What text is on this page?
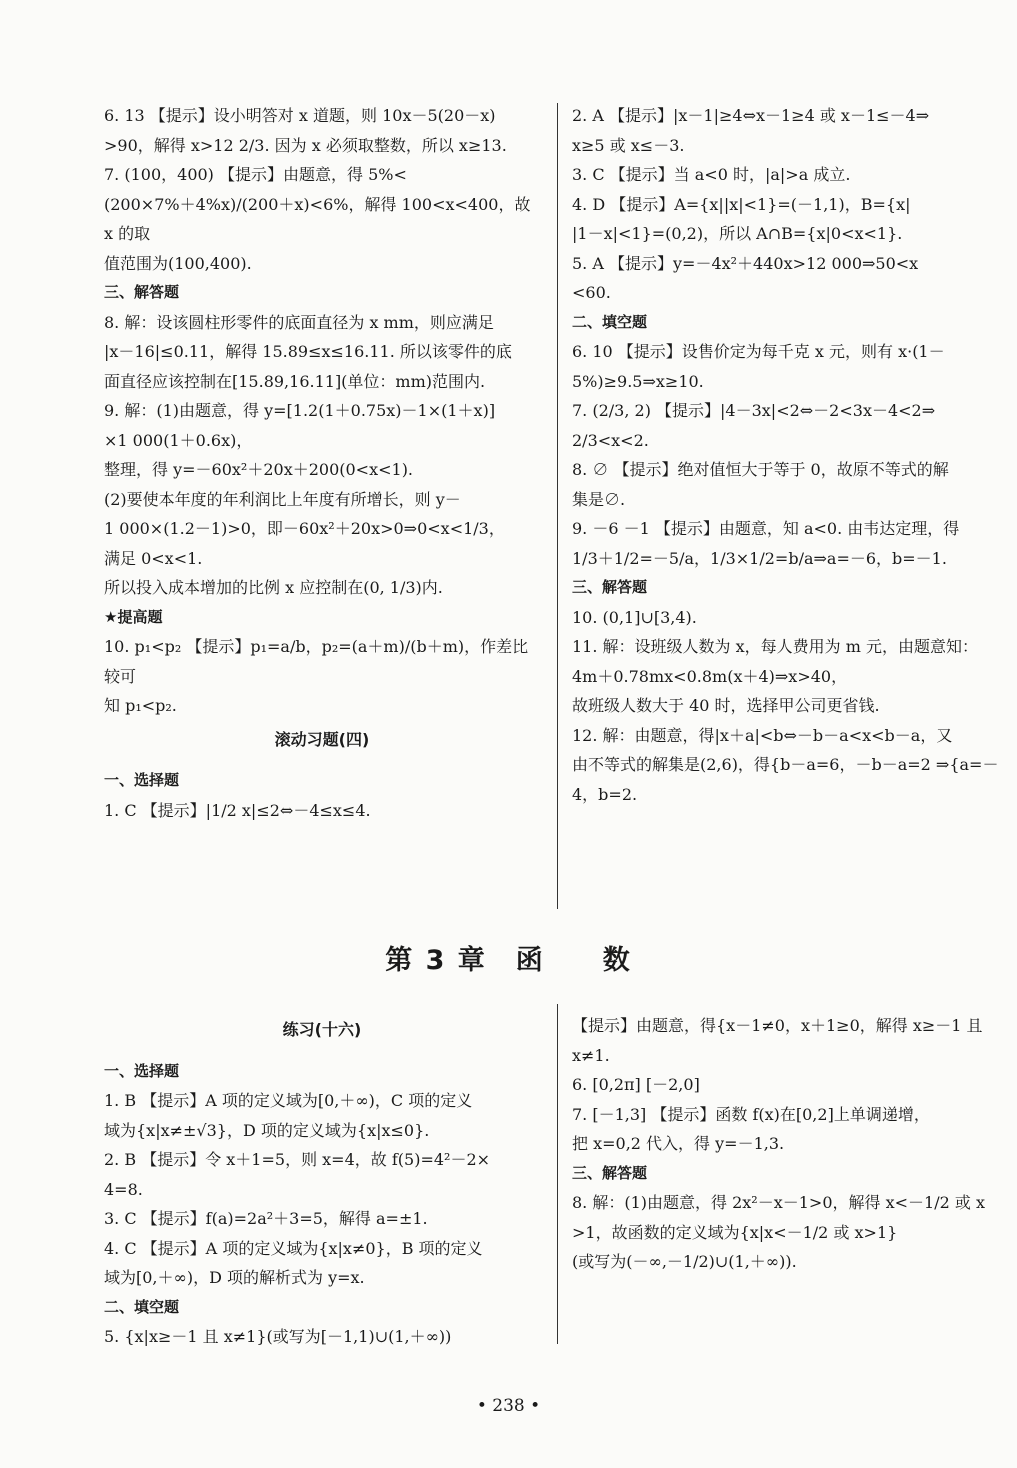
6. 13 【提示】设小明答对 x 道题，则 10x－5(20－x)

>90，解得 x>12 2/3. 因为 x 必须取整数，所以 x≥13.

7. (100，400) 【提示】由题意，得 5%<

(200×7%＋4%x)/(200＋x)<6%，解得 100<x<400，故 x 的取

值范围为(100,400).

三、解答题

8. 解：设该圆柱形零件的底面直径为 x mm，则应满足

|x－16|≤0.11，解得 15.89≤x≤16.11. 所以该零件的底

面直径应该控制在[15.89,16.11](单位：mm)范围内.

9. 解：(1)由题意，得 y=[1.2(1＋0.75x)－1×(1＋x)]

×1 000(1＋0.6x)，

整理，得 y=－60x²＋20x＋200(0<x<1).

(2)要使本年度的年利润比上年度有所增长，则 y－

1 000×(1.2－1)>0，即－60x²＋20x>0⇒0<x<1/3，

满足 0<x<1.

所以投入成本增加的比例 x 应控制在(0, 1/3)内.

★提高题

10. p₁<p₂ 【提示】p₁=a/b，p₂=(a＋m)/(b＋m)，作差比较可

知 p₁<p₂.

滚动习题(四)

一、选择题

1. C 【提示】|1/2 x|≤2⇔－4≤x≤4.

2. A 【提示】|x－1|≥4⇔x－1≥4 或 x－1≤－4⇒

x≥5 或 x≤－3.

3. C 【提示】当 a<0 时，|a|>a 成立.

4. D 【提示】A={x||x|<1}=(－1,1)，B={x|

|1－x|<1}=(0,2)，所以 A∩B={x|0<x<1}.

5. A 【提示】y=－4x²＋440x>12 000⇒50<x

<60.

二、填空题

6. 10 【提示】设售价定为每千克 x 元，则有 x·(1－

5%)≥9.5⇒x≥10.

7. (2/3, 2) 【提示】|4－3x|<2⇔－2<3x－4<2⇒

2/3<x<2.

8. ∅ 【提示】绝对值恒大于等于 0，故原不等式的解

集是∅.

9. －6 －1 【提示】由题意，知 a<0. 由韦达定理，得

1/3＋1/2=－5/a，1/3×1/2=b/a⇒a=－6，b=－1.

三、解答题

10. (0,1]∪[3,4).

11. 解：设班级人数为 x，每人费用为 m 元，由题意知：

4m＋0.78mx<0.8m(x＋4)⇒x>40，

故班级人数大于 40 时，选择甲公司更省钱.

12. 解：由题意，得|x＋a|<b⇔－b－a<x<b－a，又

由不等式的解集是(2,6)，得{b－a=6，－b－a=2 ⇒{a=－4，b=2.

第 3 章　函　　数

练习(十六)

一、选择题

1. B 【提示】A 项的定义域为[0,＋∞)，C 项的定义

域为{x|x≠±√3}，D 项的定义域为{x|x≤0}.

2. B 【提示】令 x＋1=5，则 x=4，故 f(5)=4²－2×

4=8.

3. C 【提示】f(a)=2a²＋3=5，解得 a=±1.

4. C 【提示】A 项的定义域为{x|x≠0}，B 项的定义

域为[0,＋∞)，D 项的解析式为 y=x.

二、填空题

5. {x|x≥－1 且 x≠1}(或写为[－1,1)∪(1,＋∞))

【提示】由题意，得{x－1≠0，x＋1≥0，解得 x≥－1 且 x≠1.

6. [0,2π] [－2,0]

7. [－1,3] 【提示】函数 f(x)在[0,2]上单调递增，

把 x=0,2 代入，得 y=－1,3.

三、解答题

8. 解：(1)由题意，得 2x²－x－1>0，解得 x<－1/2 或 x

>1，故函数的定义域为{x|x<－1/2 或 x>1}

(或写为(－∞,－1/2)∪(1,＋∞)).

• 238 •
